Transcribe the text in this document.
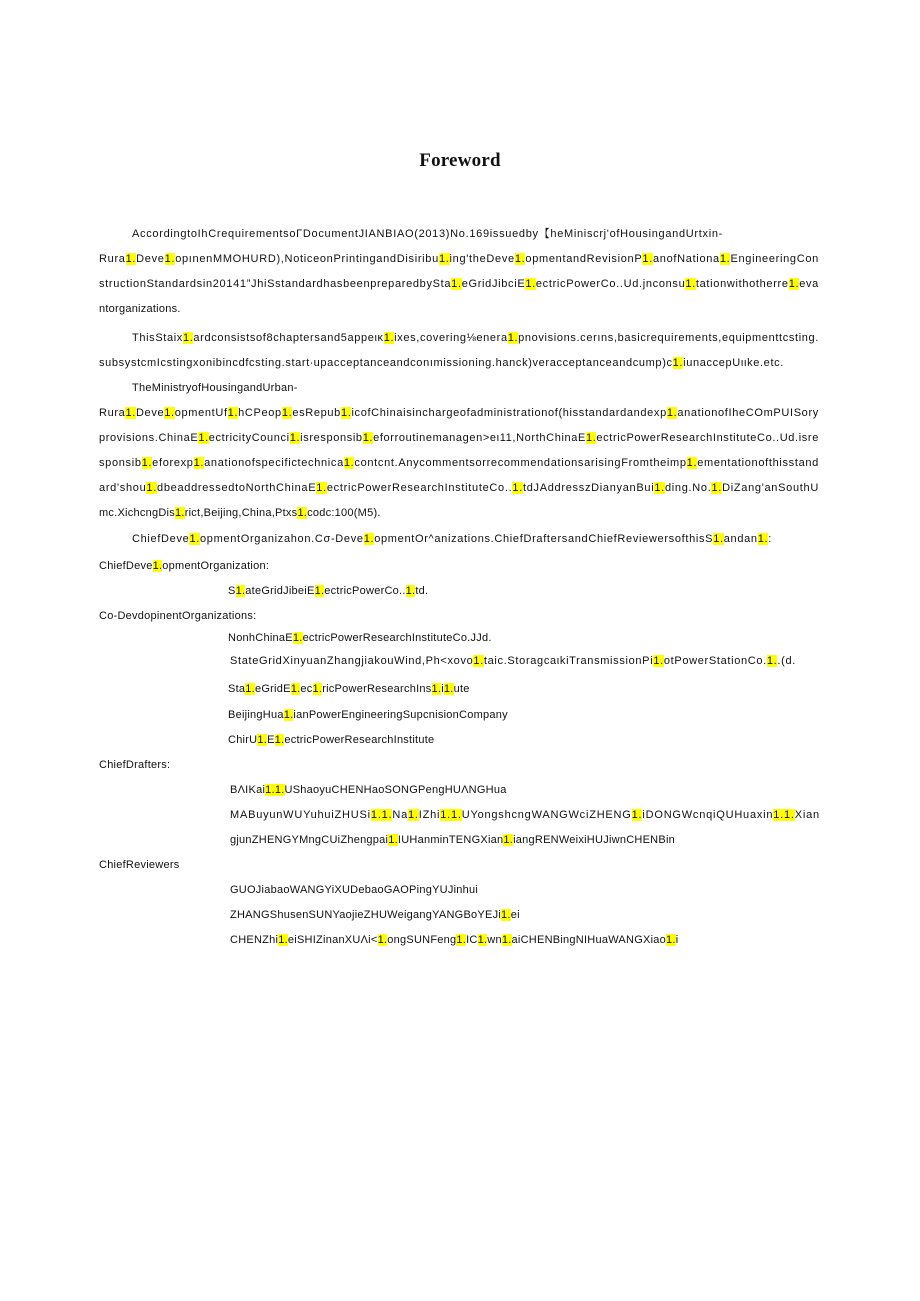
Foreword
AccordingtoIhCrequirementsoΓDocumentJIANBIAO(2013)No.169issuedby【heMiniscrj'ofHousingandUrtxin-
Rura1.Deve1.opınenMMOHURD),NoticeonPrintingandDisiribu1.ing'theDeve1.opmentandRevisionP1.anofNationa1.EngineeringCon
structionStandardsin20141”JhiSstandardhasbeenpreparedbySta1.eGridJibciE1.ectricPowerCo..Ud.jnconsu1.tationwithotherre1.eva
ntorganizations.
ThisStaix1.ardconsistsof8chaptersand5appeικ1.ixes,covering⅛enera1.pnovisions.cerıns,basicrequirements,equipmenttcsting.
subsystcmIcstingxonibincdfcsting.start∙upacceptanceandconımissioning.hanck)veracceptanceandcump)c1.iunaccepUιιke.etc.
TheMinistryofHousingandUrban-
Rura1.Deve1.opmentUf1.hCPeop1.esRepub1.icofChinaisinchargeofadministrationof(hisstandardandexp1.anationofIheCOmPUISory
provisions.ChinaE1.ectricityCounci1.isresponsib1.eforroutinemanagen>eι11,NorthChinaE1.ectricPowerResearchInstituteCo..Ud.isre
sponsib1.eforexp1.anationofspecifictechnica1.contcnt.AnycommentsorrecommendationsarisingFromtheimp1.ementationofthisstand
ard'shou1.dbeaddressedtoNorthChinaE1.ectricPowerResearchInstituteCo..1.tdJAddresszDianyanBui1.ding.No.1.DiZang'anSouthU
mc.XichcngDis1.rict,Beijing,China,Ptxs1.codc:100(M5).
ChiefDeve1.opmentOrganizahon.Cσ-Deve1.opmentOr^anizations.ChiefDraftersandChiefReviewersofthisS1.andan1.:
ChiefDeve1.opmentOrganization:
S1.ateGridJibeiE1.ectricPowerCo..1.td.
Co-DevdopinentOrganizations:
NonhChinaE1.ectricPowerResearchInstituteCo.JJd.
StateGridXinyuanZhangjiakouWind,Ph<xovo1.taic.StoragcaιkiTransmissionPi1.otPowerStationCo.1..(d.
Sta1.eGridE1.ec1.ricPowerResearchIns1.i1.ute
BeijingHua1.ianPowerEngineeringSupcnisionCompany
ChirU1.E1.ectricPowerResearchInstitute
ChiefDrafters:
BΛIKai1.1.UShaoyuCHENHaoSONGPengHUΛNGHua
MABuyunWUYuhuiZHUSi1.1.Na1.IZhi1.1.UYongshcngWANGWciZHENG1.iDONGWcnqiQUHuaxin1.1.Xian
gjunZHENGYMngCUiZhengpai1.IUHanminTENGXian1.iangRENWeixiHUJiwnCHENBin
ChiefReviewers
GUOJiabaoWANGYiXUDebaoGAOPingYUJinhui
ZHANGShusenSUNYaojieZHUWeigangYANGBoYEJi1.ei
CHENZhi1.eiSHIZinanXUΛi<1.ongSUNFeng1.IC1.wn1.aiCHENBingNIHuaWANGXiao1.i
